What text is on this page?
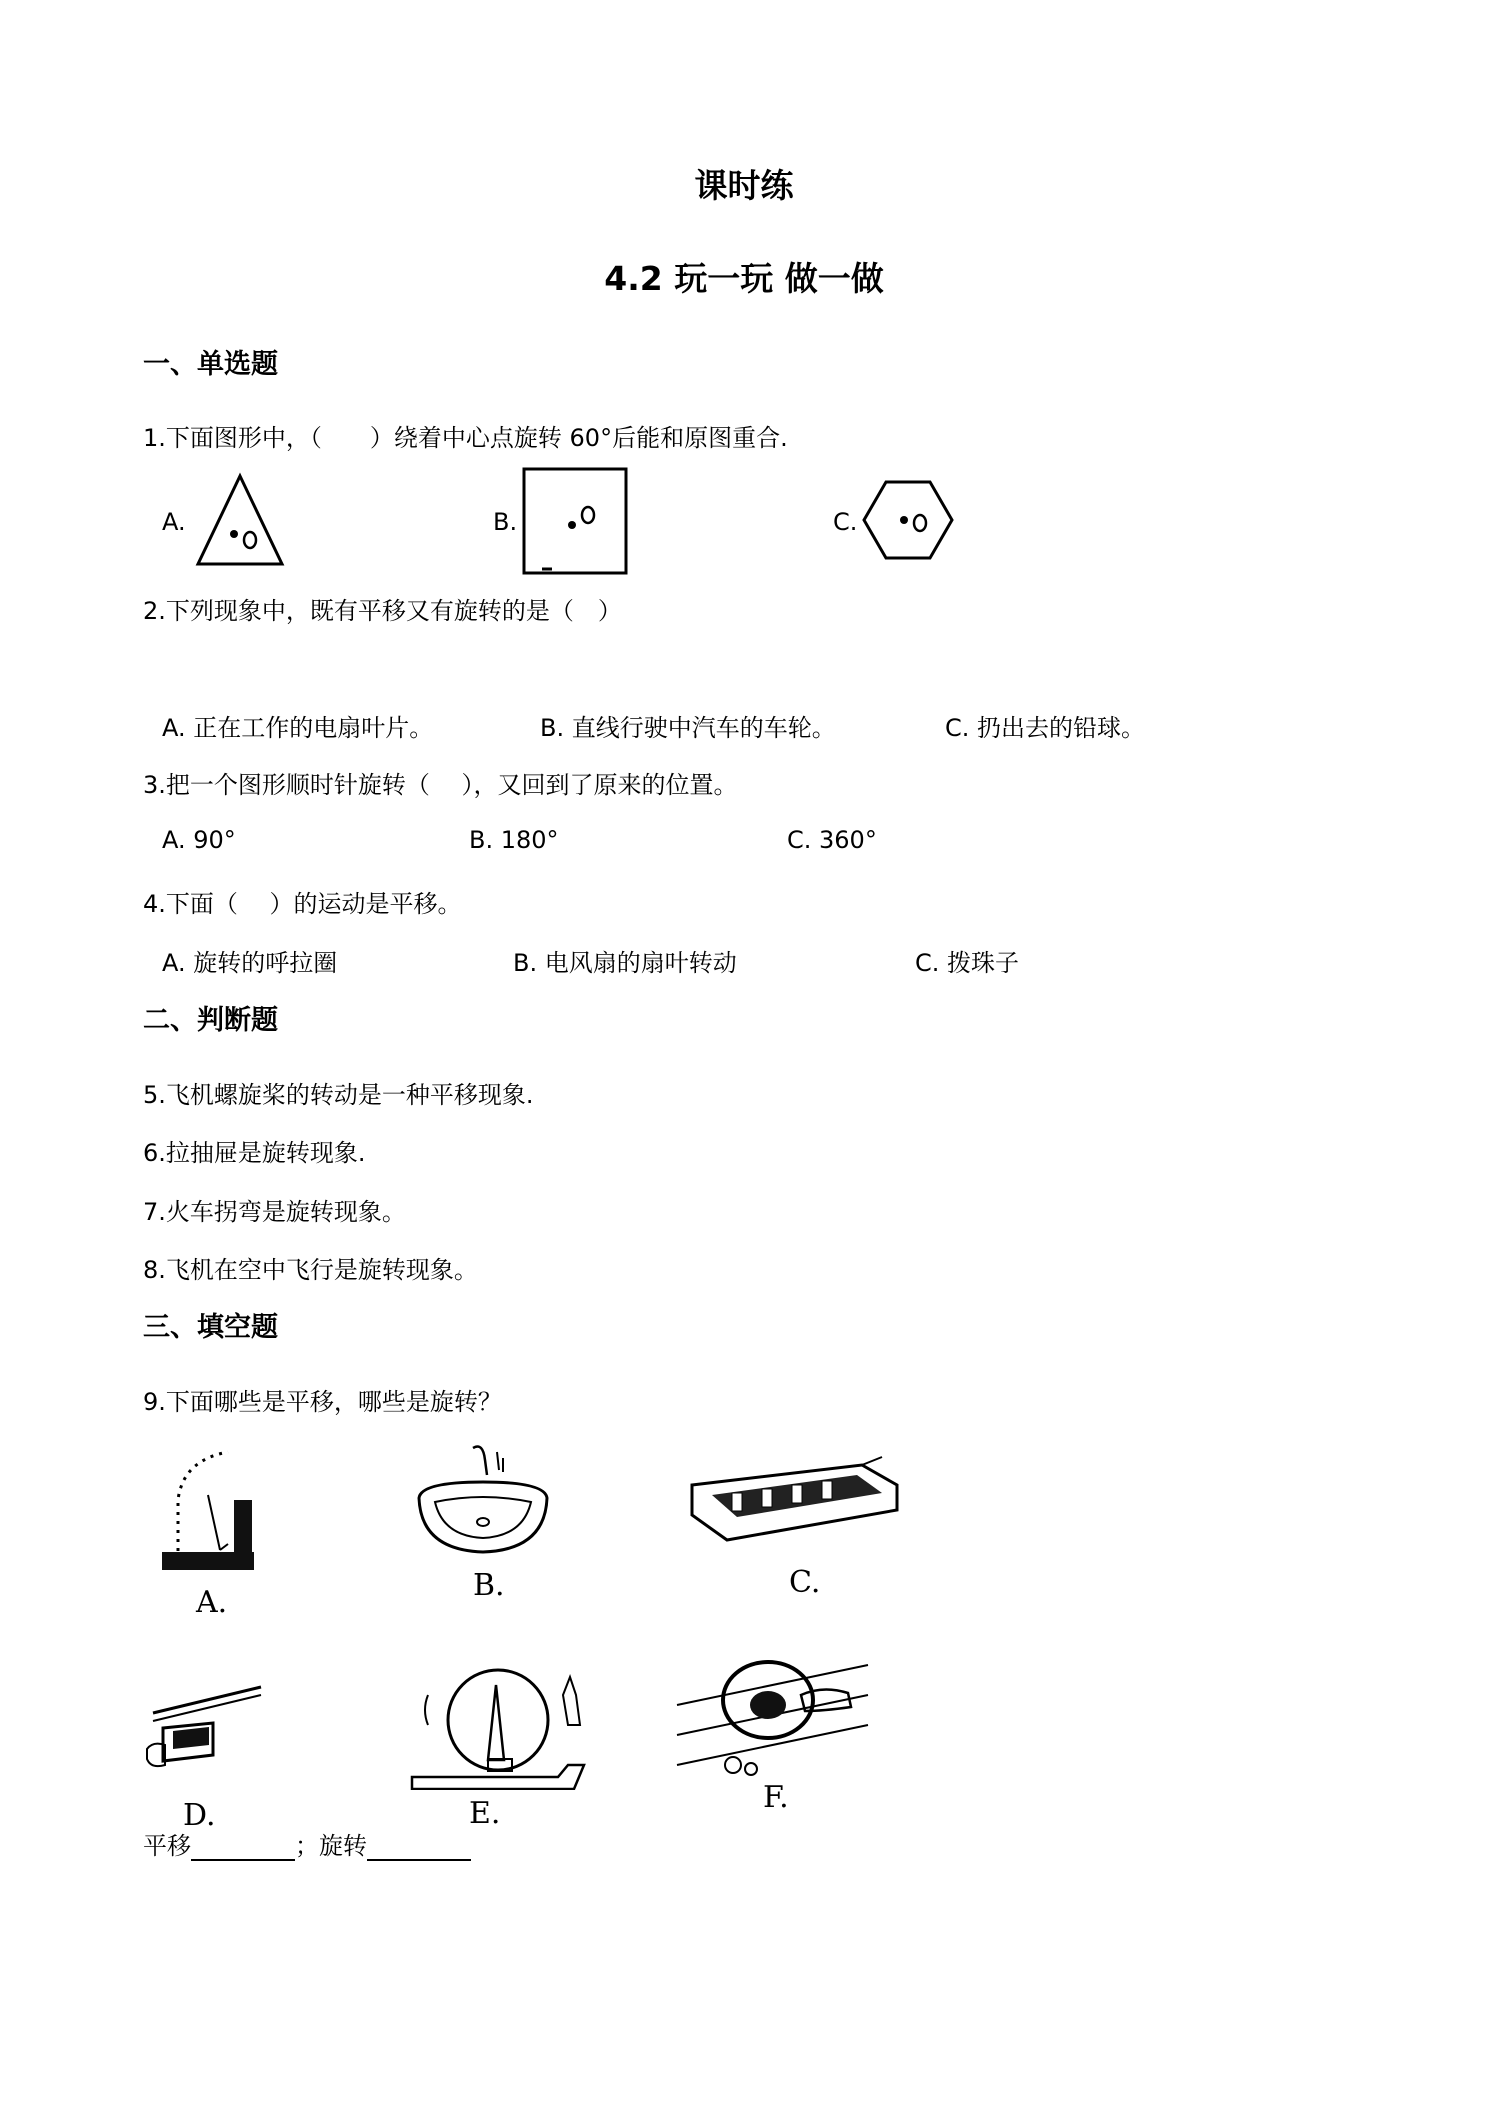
课时练
4.2 玩一玩 做一做
一、单选题
1.下面图形中，（　　）绕着中心点旋转 60°后能和原图重合.
A.	B.	C.
2.下列现象中，既有平移又有旋转的是（　）
A. 正在工作的电扇叶片。	B. 直线行驶中汽车的车轮。	C. 扔出去的铅球。
3.把一个图形顺时针旋转（　 ），又回到了原来的位置。
A. 90°	B. 180°	C. 360°
4.下面（　 ）的运动是平移。
A. 旋转的呼拉圈	B. 电风扇的扇叶转动	C. 拨珠子
二、判断题
5.飞机螺旋桨的转动是一种平移现象.
6.拉抽屉是旋转现象.
7.火车拐弯是旋转现象。
8.飞机在空中飞行是旋转现象。
三、填空题
9.下面哪些是平移，哪些是旋转？
A.	B.	C.
D.	E.	F.
平移	；旋转
